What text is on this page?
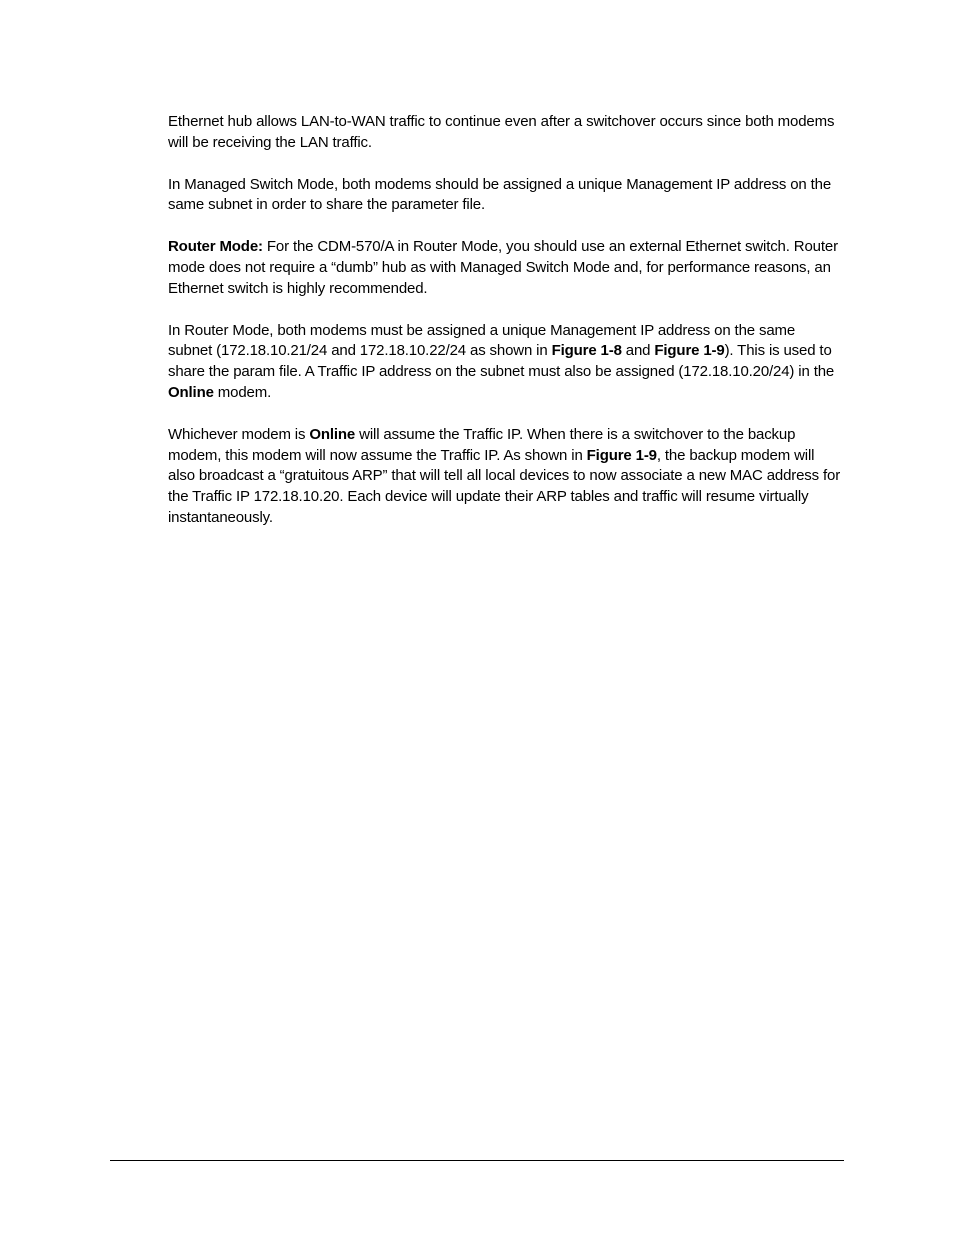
Ethernet hub allows LAN-to-WAN traffic to continue even after a switchover occurs since both modems will be receiving the LAN traffic.

In Managed Switch Mode, both modems should be assigned a unique Management IP address on the same subnet in order to share the parameter file.

Router Mode: For the CDM-570/A in Router Mode, you should use an external Ethernet switch. Router mode does not require a “dumb” hub as with Managed Switch Mode and, for performance reasons, an Ethernet switch is highly recommended.

In Router Mode, both modems must be assigned a unique Management IP address on the same subnet (172.18.10.21/24 and 172.18.10.22/24 as shown in Figure 1-8 and Figure 1-9). This is used to share the param file. A Traffic IP address on the subnet must also be assigned (172.18.10.20/24) in the Online modem.

Whichever modem is Online will assume the Traffic IP. When there is a switchover to the backup modem, this modem will now assume the Traffic IP. As shown in Figure 1-9, the backup modem will also broadcast a “gratuitous ARP” that will tell all local devices to now associate a new MAC address for the Traffic IP 172.18.10.20. Each device will update their ARP tables and traffic will resume virtually instantaneously.
